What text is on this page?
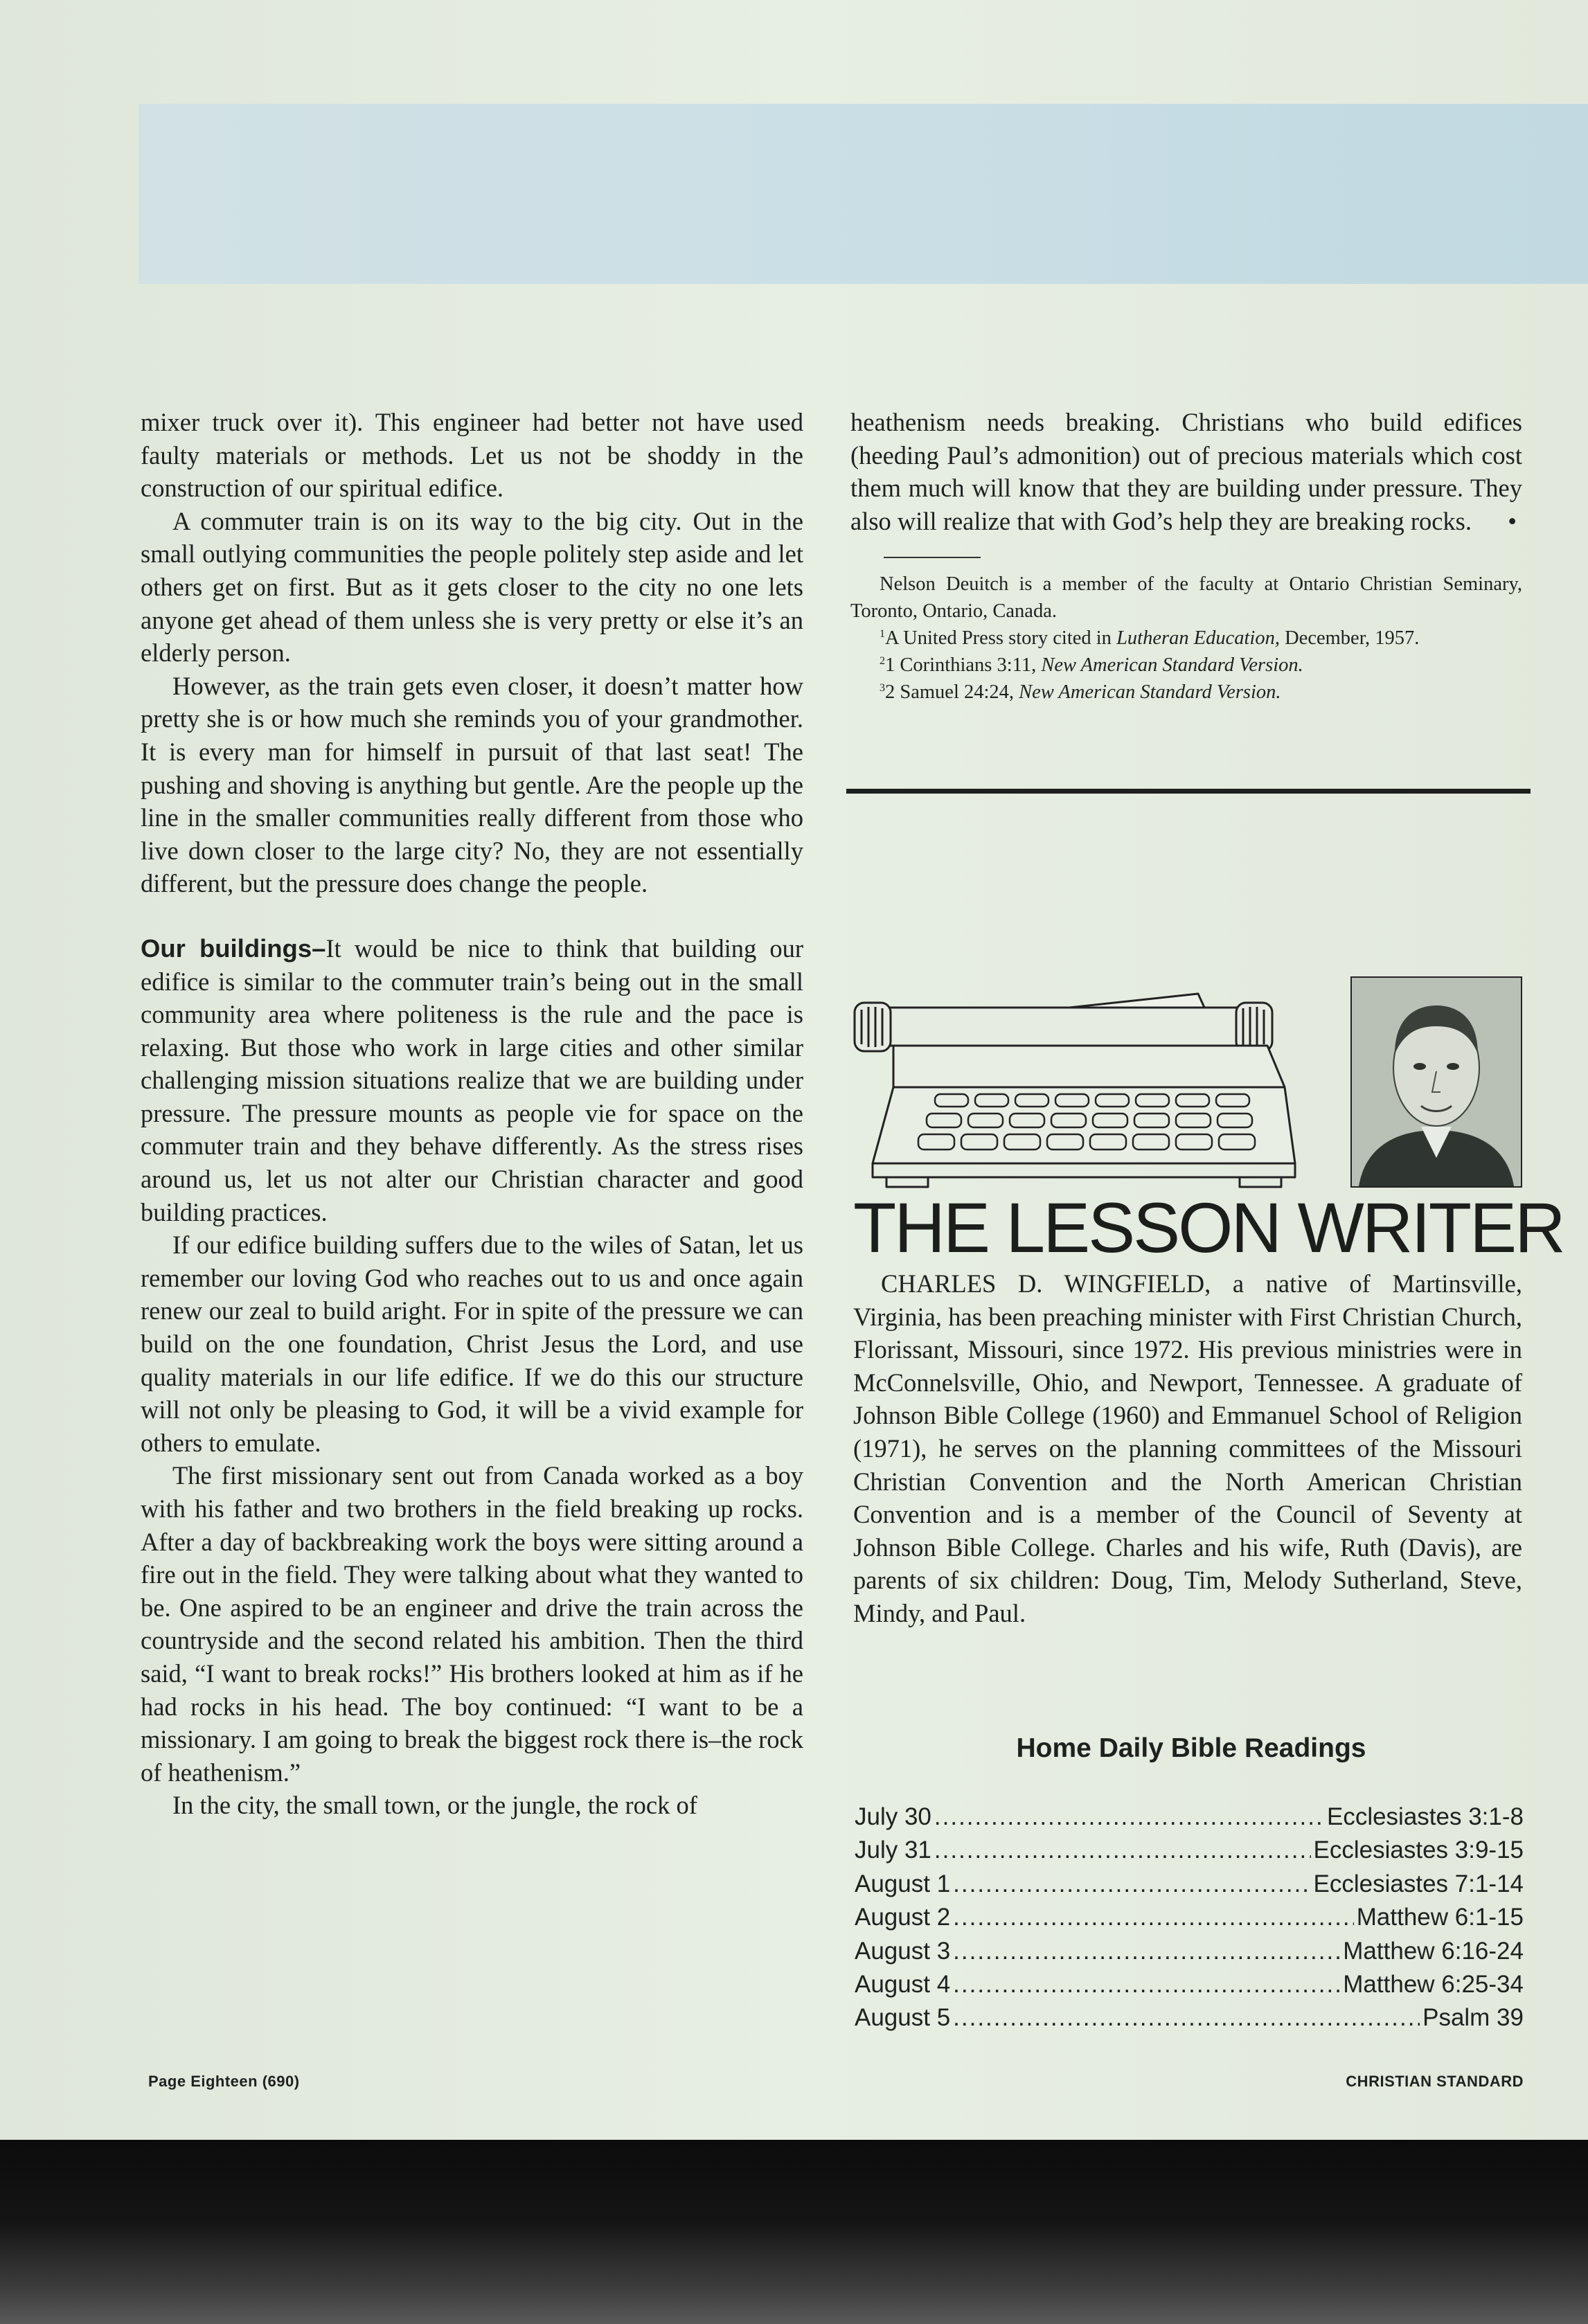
mixer truck over it). This engineer had better not have used faulty materials or methods. Let us not be shoddy in the construction of our spiritual edifice.

A commuter train is on its way to the big city. Out in the small outlying communities the people politely step aside and let others get on first. But as it gets closer to the city no one lets anyone get ahead of them unless she is very pretty or else it’s an elderly person.

However, as the train gets even closer, it doesn’t matter how pretty she is or how much she reminds you of your grandmother. It is every man for himself in pursuit of that last seat! The pushing and shoving is anything but gentle. Are the people up the line in the smaller communities really different from those who live down closer to the large city? No, they are not essentially different, but the pressure does change the people.

Our buildings–It would be nice to think that building our edifice is similar to the commuter train’s being out in the small community area where politeness is the rule and the pace is relaxing. But those who work in large cities and other similar challenging mission situations realize that we are building under pressure. The pressure mounts as people vie for space on the commuter train and they behave differently. As the stress rises around us, let us not alter our Christian character and good building practices.

If our edifice building suffers due to the wiles of Satan, let us remember our loving God who reaches out to us and once again renew our zeal to build aright. For in spite of the pressure we can build on the one foundation, Christ Jesus the Lord, and use quality materials in our life edifice. If we do this our structure will not only be pleasing to God, it will be a vivid example for others to emulate.

The first missionary sent out from Canada worked as a boy with his father and two brothers in the field breaking up rocks. After a day of backbreaking work the boys were sitting around a fire out in the field. They were talking about what they wanted to be. One aspired to be an engineer and drive the train across the countryside and the second related his ambition. Then the third said, “I want to break rocks!” His brothers looked at him as if he had rocks in his head. The boy continued: “I want to be a missionary. I am going to break the biggest rock there is–the rock of heathenism.”

In the city, the small town, or the jungle, the rock of

heathenism needs breaking. Christians who build edifices (heeding Paul’s admonition) out of precious materials which cost them much will know that they are building under pressure. They also will realize that with God’s help they are breaking rocks. •

Nelson Deuitch is a member of the faculty at Ontario Christian Seminary, Toronto, Ontario, Canada.

$^1$A United Press story cited in Lutheran Education, December, 1957.

$^2$1 Corinthians 3:11, New American Standard Version.

$^3$2 Samuel 24:24, New American Standard Version.

THE LESSON WRITER

CHARLES D. WINGFIELD, a native of Martinsville, Virginia, has been preaching minister with First Christian Church, Florissant, Missouri, since 1972. His previous ministries were in McConnelsville, Ohio, and Newport, Tennessee. A graduate of Johnson Bible College (1960) and Emmanuel School of Religion (1971), he serves on the planning committees of the Missouri Christian Convention and the North American Christian Convention and is a member of the Council of Seventy at Johnson Bible College. Charles and his wife, Ruth (Davis), are parents of six children: Doug, Tim, Melody Sutherland, Steve, Mindy, and Paul.

Home Daily Bible Readings
July 30 .....	Ecclesiastes 3:1-8
July 31 .....	Ecclesiastes 3:9-15
August 1 .....	Ecclesiastes 7:1-14
August 2 .....	Matthew 6:1-15
August 3 .....	Matthew 6:16-24
August 4 .....	Matthew 6:25-34
August 5 .....	Psalm 39
Page Eighteen (690)	CHRISTIAN STANDARD
